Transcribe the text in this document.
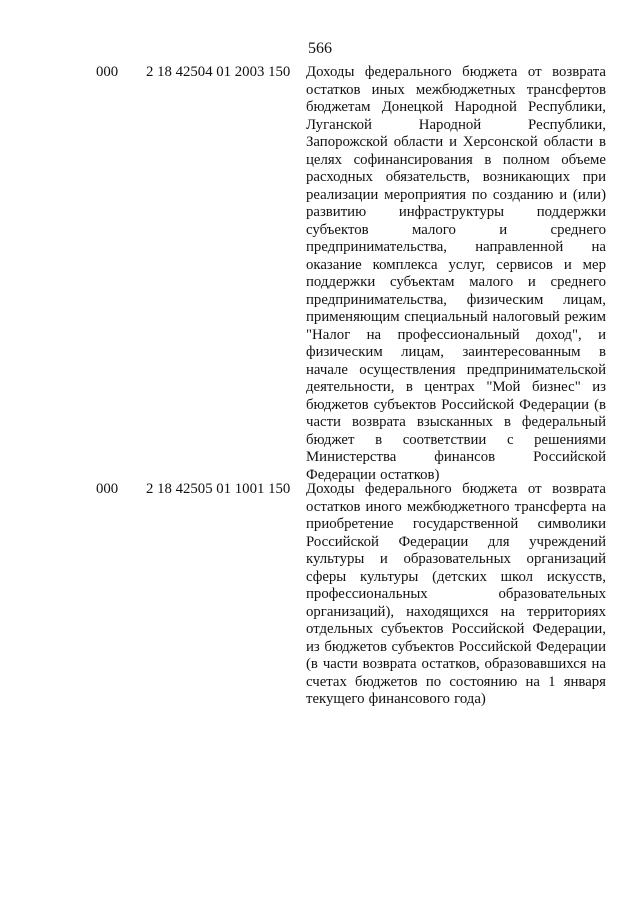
566
000 2 18 42504 01 2003 150 Доходы федерального бюджета от возврата остатков иных межбюджетных трансфертов бюджетам Донецкой Народной Республики, Луганской Народной Республики, Запорожской области и Херсонской области в целях софинансирования в полном объеме расходных обязательств, возникающих при реализации мероприятия по созданию и (или) развитию инфраструктуры поддержки субъектов малого и среднего предпринимательства, направленной на оказание комплекса услуг, сервисов и мер поддержки субъектам малого и среднего предпринимательства, физическим лицам, применяющим специальный налоговый режим "Налог на профессиональный доход", и физическим лицам, заинтересованным в начале осуществления предпринимательской деятельности, в центрах "Мой бизнес" из бюджетов субъектов Российской Федерации (в части возврата взысканных в федеральный бюджет в соответствии с решениями Министерства финансов Российской Федерации остатков)

000 2 18 42505 01 1001 150 Доходы федерального бюджета от возврата остатков иного межбюджетного трансферта на приобретение государственной символики Российской Федерации для учреждений культуры и образовательных организаций сферы культуры (детских школ искусств, профессиональных образовательных организаций), находящихся на территориях отдельных субъектов Российской Федерации, из бюджетов субъектов Российской Федерации (в части возврата остатков, образовавшихся на счетах бюджетов по состоянию на 1 января текущего финансового года)
